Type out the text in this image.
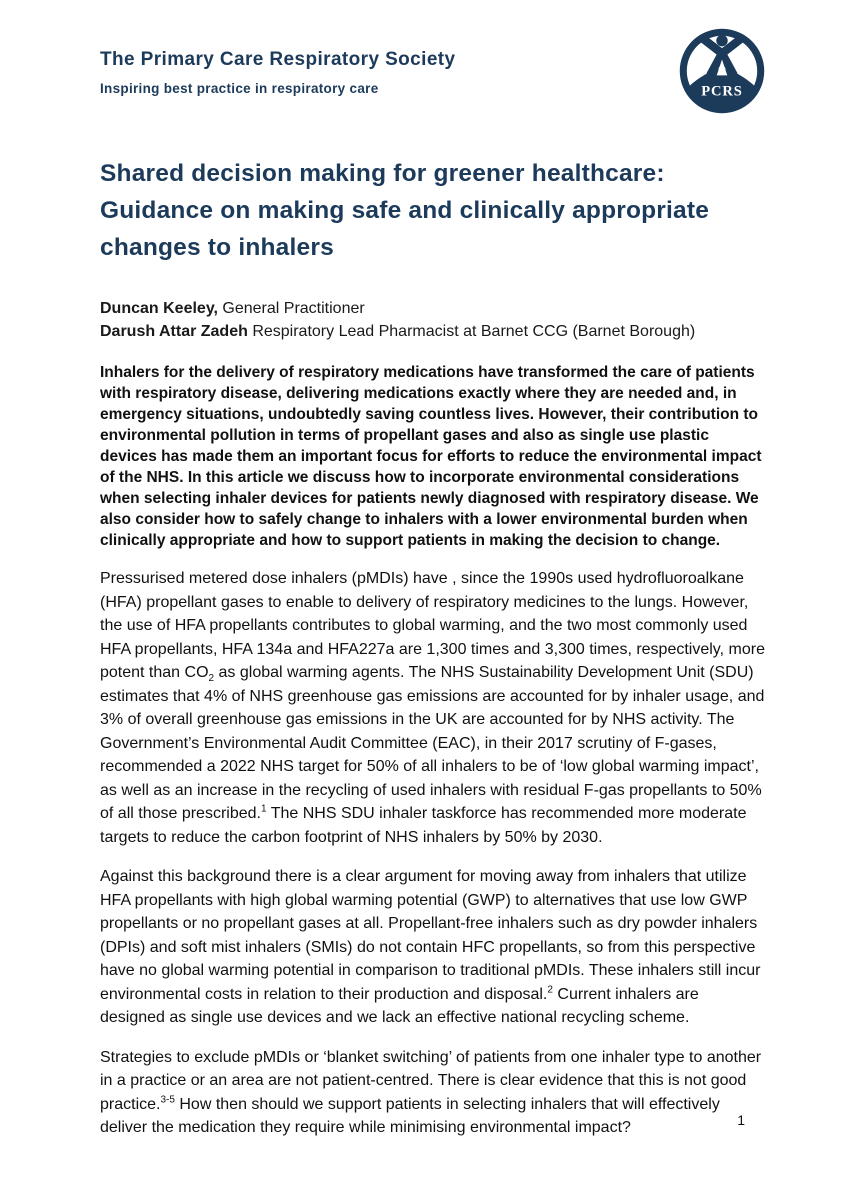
The Primary Care Respiratory Society
Inspiring best practice in respiratory care	PCRS
Shared decision making for greener healthcare: Guidance on making safe and clinically appropriate changes to inhalers

Duncan Keeley, General Practitioner

Darush Attar Zadeh Respiratory Lead Pharmacist at Barnet CCG (Barnet Borough)

Inhalers for the delivery of respiratory medications have transformed the care of patients with respiratory disease, delivering medications exactly where they are needed and, in emergency situations, undoubtedly saving countless lives. However, their contribution to environmental pollution in terms of propellant gases and also as single use plastic devices has made them an important focus for efforts to reduce the environmental impact of the NHS. In this article we discuss how to incorporate environmental considerations when selecting inhaler devices for patients newly diagnosed with respiratory disease. We also consider how to safely change to inhalers with a lower environmental burden when clinically appropriate and how to support patients in making the decision to change.

Pressurised metered dose inhalers (pMDIs) have , since the 1990s used hydrofluoroalkane (HFA) propellant gases to enable to delivery of respiratory medicines to the lungs. However, the use of HFA propellants contributes to global warming, and the two most commonly used HFA propellants, HFA 134a and HFA227a are 1,300 times and 3,300 times, respectively, more potent than $CO_2$ as global warming agents. The NHS Sustainability Development Unit (SDU) estimates that 4% of NHS greenhouse gas emissions are accounted for by inhaler usage, and 3% of overall greenhouse gas emissions in the UK are accounted for by NHS activity. The Government’s Environmental Audit Committee (EAC), in their 2017 scrutiny of F-gases, recommended a 2022 NHS target for 50% of all inhalers to be of ‘low global warming impact’, as well as an increase in the recycling of used inhalers with residual F-gas propellants to 50% of all those prescribed.$^1$ The NHS SDU inhaler taskforce has recommended more moderate targets to reduce the carbon footprint of NHS inhalers by 50% by 2030.

Against this background there is a clear argument for moving away from inhalers that utilize HFA propellants with high global warming potential (GWP) to alternatives that use low GWP propellants or no propellant gases at all. Propellant-free inhalers such as dry powder inhalers (DPIs) and soft mist inhalers (SMIs) do not contain HFC propellants, so from this perspective have no global warming potential in comparison to traditional pMDIs. These inhalers still incur environmental costs in relation to their production and disposal.$^2$ Current inhalers are designed as single use devices and we lack an effective national recycling scheme.

Strategies to exclude pMDIs or ‘blanket switching’ of patients from one inhaler type to another in a practice or an area are not patient-centred. There is clear evidence that this is not good practice.$^{3-5}$ How then should we support patients in selecting inhalers that will effectively deliver the medication they require while minimising environmental impact?	1
